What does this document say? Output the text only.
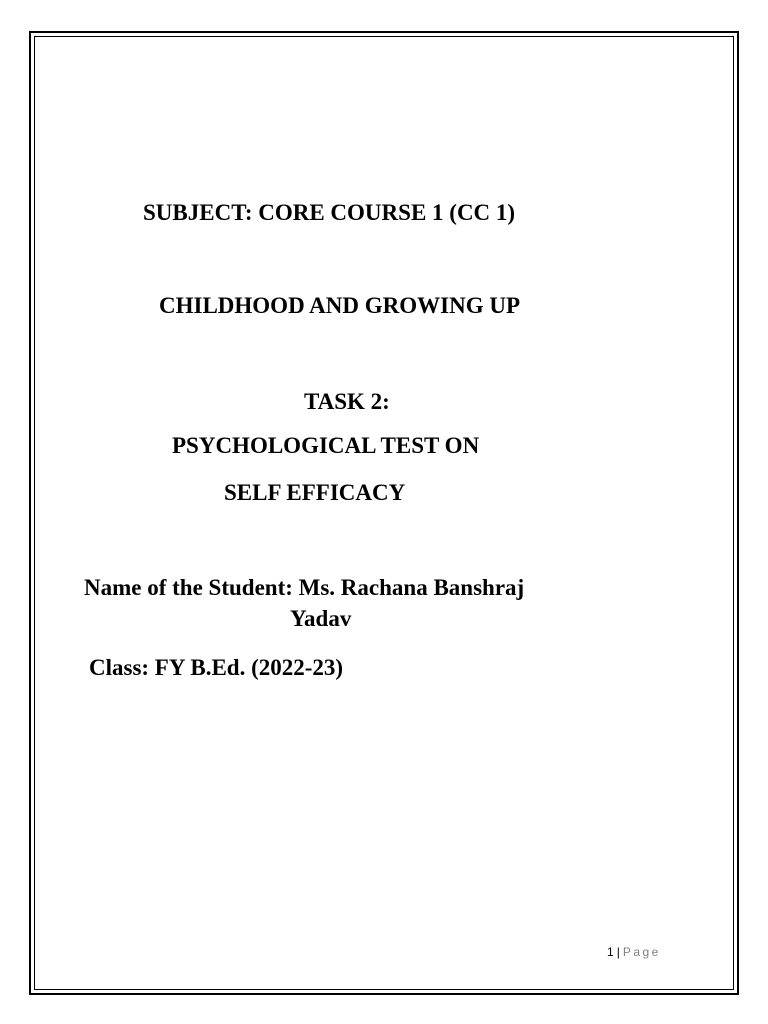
SUBJECT: CORE COURSE 1 (CC 1)
CHILDHOOD AND GROWING UP
TASK 2:
PSYCHOLOGICAL TEST ON
SELF EFFICACY
Name of the Student: Ms. Rachana Banshraj
Yadav
Class: FY B.Ed. (2022-23)
1 | Page
